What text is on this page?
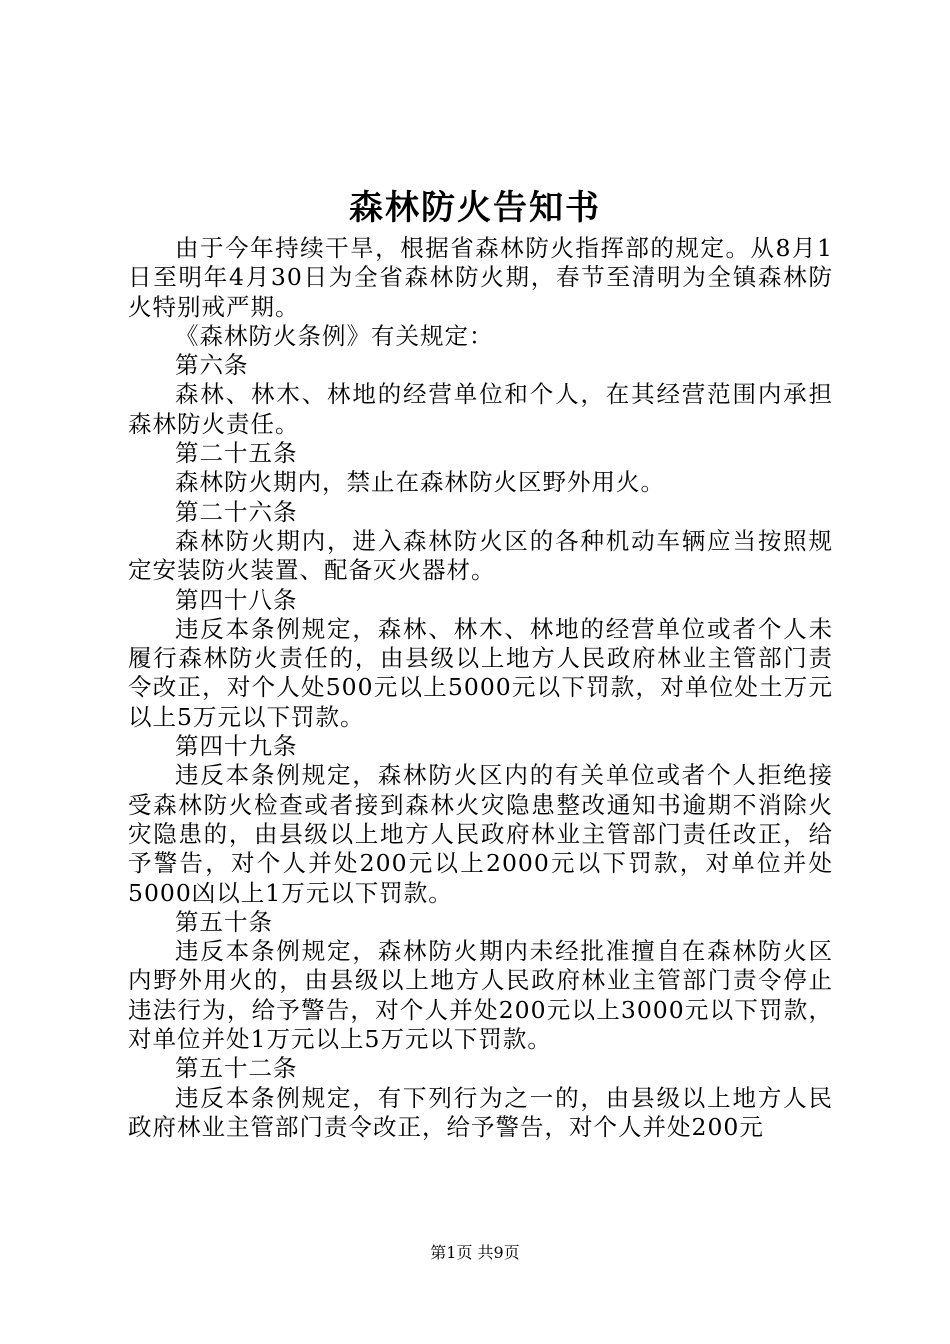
森林防火告知书

由于今年持续干旱，根据省森林防火指挥部的规定。从8月1日至明年4月30日为全省森林防火期，春节至清明为全镇森林防火特别戒严期。

《森林防火条例》有关规定：

第六条

森林、林木、林地的经营单位和个人，在其经营范围内承担森林防火责任。

第二十五条

森林防火期内，禁止在森林防火区野外用火。

第二十六条

森林防火期内，进入森林防火区的各种机动车辆应当按照规定安装防火装置、配备灭火器材。

第四十八条

违反本条例规定，森林、林木、林地的经营单位或者个人未履行森林防火责任的，由县级以上地方人民政府林业主管部门责令改正，对个人处500元以上5000元以下罚款，对单位处土万元以上5万元以下罚款。

第四十九条

违反本条例规定，森林防火区内的有关单位或者个人拒绝接受森林防火检查或者接到森林火灾隐患整改通知书逾期不消除火灾隐患的，由县级以上地方人民政府林业主管部门责任改正，给予警告，对个人并处200元以上2000元以下罚款，对单位并处5000凶以上1万元以下罚款。

第五十条

违反本条例规定，森林防火期内未经批准擅自在森林防火区内野外用火的，由县级以上地方人民政府林业主管部门责令停止违法行为，给予警告，对个人并处200元以上3000元以下罚款，对单位并处1万元以上5万元以下罚款。

第五十二条

违反本条例规定，有下列行为之一的，由县级以上地方人民政府林业主管部门责令改正，给予警告，对个人并处200元

第1页 共9页
